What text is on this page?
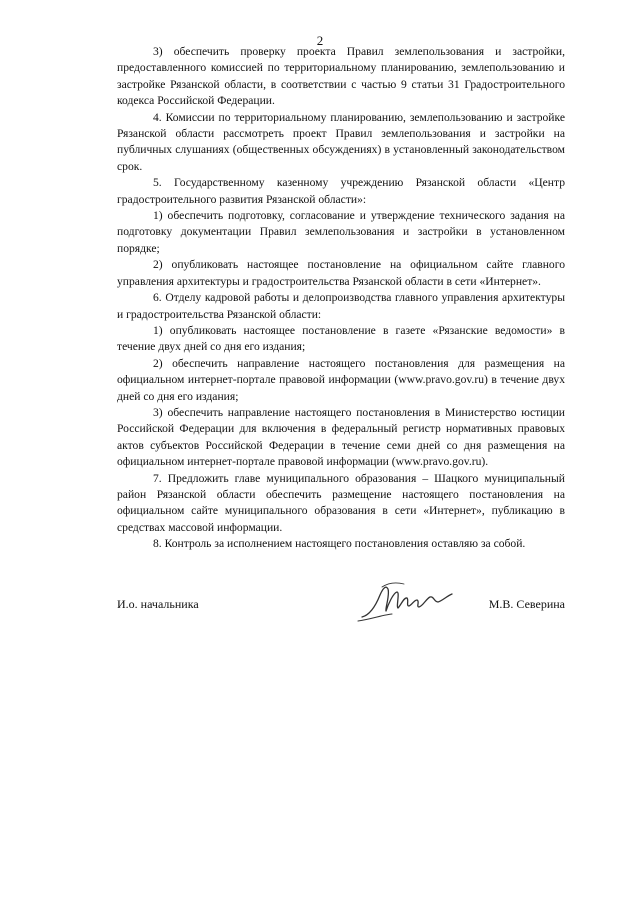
2

3) обеспечить проверку проекта Правил землепользования и застройки, предоставленного комиссией по территориальному планированию, землепользованию и застройке Рязанской области, в соответствии с частью 9 статьи 31 Градостроительного кодекса Российской Федерации.

4. Комиссии по территориальному планированию, землепользованию и застройке Рязанской области рассмотреть проект Правил землепользования и застройки на публичных слушаниях (общественных обсуждениях) в установленный законодательством срок.

5. Государственному казенному учреждению Рязанской области «Центр градостроительного развития Рязанской области»:

1) обеспечить подготовку, согласование и утверждение технического задания на подготовку документации Правил землепользования и застройки в установленном порядке;

2) опубликовать настоящее постановление на официальном сайте главного управления архитектуры и градостроительства Рязанской области в сети «Интернет».

6. Отделу кадровой работы и делопроизводства главного управления архитектуры и градостроительства Рязанской области:

1) опубликовать настоящее постановление в газете «Рязанские ведомости» в течение двух дней со дня его издания;

2) обеспечить направление настоящего постановления для размещения на официальном интернет-портале правовой информации (www.pravo.gov.ru) в течение двух дней со дня его издания;

3) обеспечить направление настоящего постановления в Министерство юстиции Российской Федерации для включения в федеральный регистр нормативных правовых актов субъектов Российской Федерации в течение семи дней со дня размещения на официальном интернет-портале правовой информации (www.pravo.gov.ru).

7. Предложить главе муниципального образования – Шацкого муниципальный район Рязанской области обеспечить размещение настоящего постановления на официальном сайте муниципального образования в сети «Интернет», публикацию в средствах массовой информации.

8. Контроль за исполнением настоящего постановления оставляю за собой.

И.о. начальника	М.В. Северина
